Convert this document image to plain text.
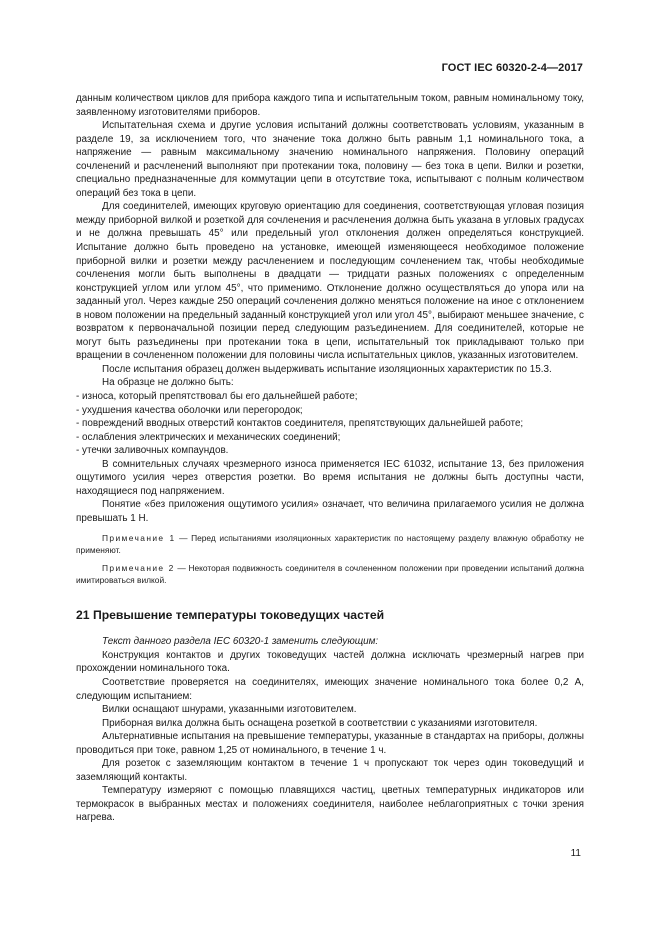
ГОСТ IEC 60320-2-4—2017

данным количеством циклов для прибора каждого типа и испытательным током, равным номинальному току, заявленному изготовителями приборов.

Испытательная схема и другие условия испытаний должны соответствовать условиям, указанным в разделе 19, за исключением того, что значение тока должно быть равным 1,1 номинального тока, а напряжение — равным максимальному значению номинального напряжения. Половину операций сочленений и расчленений выполняют при протекании тока, половину — без тока в цепи. Вилки и розетки, специально предназначенные для коммутации цепи в отсутствие тока, испытывают с полным количеством операций без тока в цепи.

Для соединителей, имеющих круговую ориентацию для соединения, соответствующая угловая позиция между приборной вилкой и розеткой для сочленения и расчленения должна быть указана в угловых градусах и не должна превышать 45° или предельный угол отклонения должен определяться конструкцией. Испытание должно быть проведено на установке, имеющей изменяющееся необходимое положение приборной вилки и розетки между расчленением и последующим сочленением так, чтобы необходимые сочленения могли быть выполнены в двадцати — тридцати разных положениях с определенным конструкцией углом или углом 45°, что применимо. Отклонение должно осуществляться до упора или на заданный угол. Через каждые 250 операций сочленения должно меняться положение на иное с отклонением в новом положении на предельный заданный конструкцией угол или угол 45°, выбирают меньшее значение, с возвратом к первоначальной позиции перед следующим разъединением. Для соединителей, которые не могут быть разъединены при протекании тока в цепи, испытательный ток прикладывают только при вращении в сочлененном положении для половины числа испытательных циклов, указанных изготовителем.

После испытания образец должен выдерживать испытание изоляционных характеристик по 15.3.

На образце не должно быть:

- износа, который препятствовал бы его дальнейшей работе;

- ухудшения качества оболочки или перегородок;

- повреждений вводных отверстий контактов соединителя, препятствующих дальнейшей работе;

- ослабления электрических и механических соединений;

- утечки заливочных компаундов.

В сомнительных случаях чрезмерного износа применяется IEC 61032, испытание 13, без приложения ощутимого усилия через отверстия розетки. Во время испытания не должны быть доступны части, находящиеся под напряжением.

Понятие «без приложения ощутимого усилия» означает, что величина прилагаемого усилия не должна превышать 1 Н.

Примечание 1 — Перед испытаниями изоляционных характеристик по настоящему разделу влажную обработку не применяют.

Примечание 2 — Некоторая подвижность соединителя в сочлененном положении при проведении испытаний должна имитироваться вилкой.

21 Превышение температуры токоведущих частей

Текст данного раздела IEC 60320-1 заменить следующим:

Конструкция контактов и других токоведущих частей должна исключать чрезмерный нагрев при прохождении номинального тока.

Соответствие проверяется на соединителях, имеющих значение номинального тока более 0,2 А, следующим испытанием:

Вилки оснащают шнурами, указанными изготовителем.

Приборная вилка должна быть оснащена розеткой в соответствии с указаниями изготовителя.

Альтернативные испытания на превышение температуры, указанные в стандартах на приборы, должны проводиться при токе, равном 1,25 от номинального, в течение 1 ч.

Для розеток с заземляющим контактом в течение 1 ч пропускают ток через один токоведущий и заземляющий контакты.

Температуру измеряют с помощью плавящихся частиц, цветных температурных индикаторов или термокрасок в выбранных местах и положениях соединителя, наиболее неблагоприятных с точки зрения нагрева.

11
